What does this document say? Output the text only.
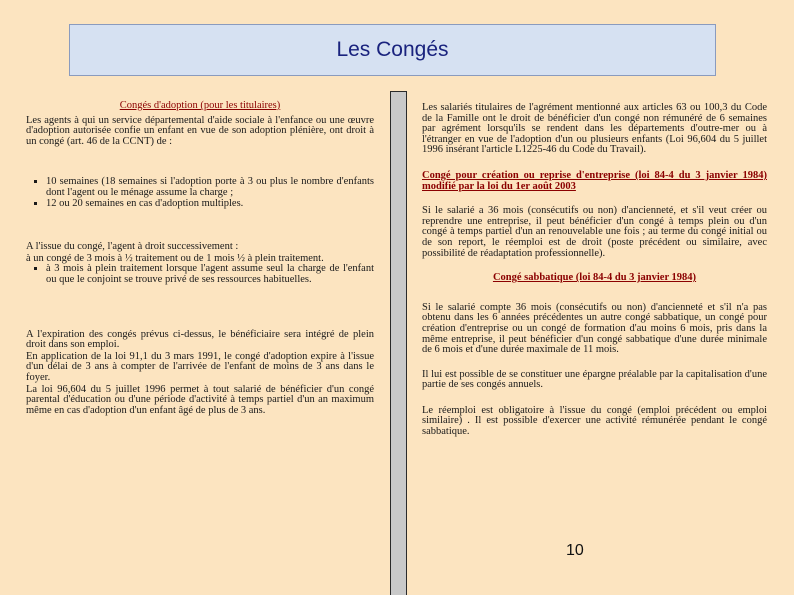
Les Congés

Congés d'adoption (pour les titulaires)

Les agents à qui un service départemental d'aide sociale à l'enfance ou une œuvre d'adoption autorisée confie un enfant en vue de son adoption plénière, ont droit à un congé (art. 46 de la CCNT) de :

▪ 10 semaines (18 semaines si l'adoption porte à 3 ou plus le nombre d'enfants dont l'agent ou le ménage assume la charge ;
▪ 12 ou 20 semaines en cas d'adoption multiples.

A l'issue du congé, l'agent à droit successivement :

à un congé de 3 mois à ½ traitement ou de 1 mois ½ à plein traitement.

▪ à 3 mois à plein traitement lorsque l'agent assume seul la charge de l'enfant ou que le conjoint se trouve privé de ses ressources habituelles.

A l'expiration des congés prévus ci-dessus, le bénéficiaire sera intégré de plein droit dans son emploi.

En application de la loi 91,1 du 3 mars 1991, le congé d'adoption expire à l'issue d'un délai de 3 ans à compter de l'arrivée de l'enfant de moins de 3 ans dans le foyer.

La loi 96,604 du 5 juillet 1996 permet à tout salarié de bénéficier d'un congé parental d'éducation ou d'une période d'activité à temps partiel d'un an maximum même en cas d'adoption d'un enfant âgé de plus de 3 ans.

Les salariés titulaires de l'agrément mentionné aux articles 63 ou 100,3 du Code de la Famille ont le droit de bénéficier d'un congé non rémunéré de 6 semaines par agrément lorsqu'ils se rendent dans les départements d'outre-mer ou à l'étranger en vue de l'adoption d'un ou plusieurs enfants (Loi 96,604 du 5 juillet 1996 insérant l'article L1225-46 du Code du Travail).

Congé pour création ou reprise d'entreprise (loi 84-4 du 3 janvier 1984) modifié par la loi du 1er août 2003

Si le salarié a 36 mois (consécutifs ou non) d'ancienneté, et s'il veut créer ou reprendre une entreprise, il peut bénéficier d'un congé à temps plein ou d'un congé à temps partiel d'un an renouvelable une fois ; au terme du congé initial ou de son report, le réemploi est de droit (poste précédent ou similaire, avec possibilité de réadaptation professionnelle).

Congé sabbatique (loi 84-4 du 3 janvier 1984)

Si le salarié compte 36 mois (consécutifs ou non) d'ancienneté et s'il n'a pas obtenu dans les 6 années précédentes un autre congé sabbatique, un congé pour création d'entreprise ou un congé de formation d'au moins 6 mois, pris dans la même entreprise, il peut bénéficier d'un congé sabbatique d'une durée minimale de 6 mois et d'une durée maximale de 11 mois.

Il lui est possible de se constituer une épargne préalable par la capitalisation d'une partie de ses congés annuels.

Le réemploi est obligatoire à l'issue du congé (emploi précédent ou emploi similaire) . Il est possible d'exercer une activité rémunérée pendant le congé sabbatique.

10
